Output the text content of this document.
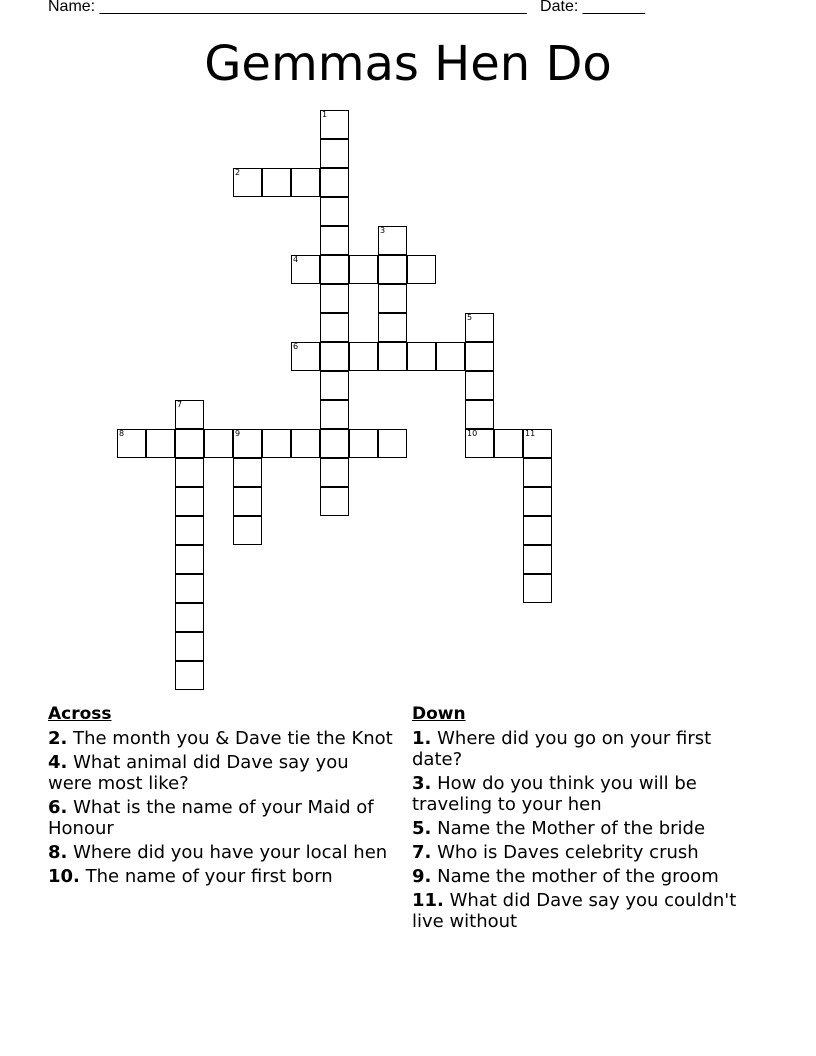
Name: ________________________________________________ Date: _______
Gemmas Hen Do
1
2
3
4
5
10
6
7
8	9	11
Across
2. The month you & Dave tie the Knot
4. What animal did Dave say you were most like?
6. What is the name of your Maid of Honour
8. Where did you have your local hen
10. The name of your first born
Down
1. Where did you go on your first date?
3. How do you think you will be traveling to your hen
5. Name the Mother of the bride
7. Who is Daves celebrity crush
9. Name the mother of the groom
11. What did Dave say you couldn't live without
